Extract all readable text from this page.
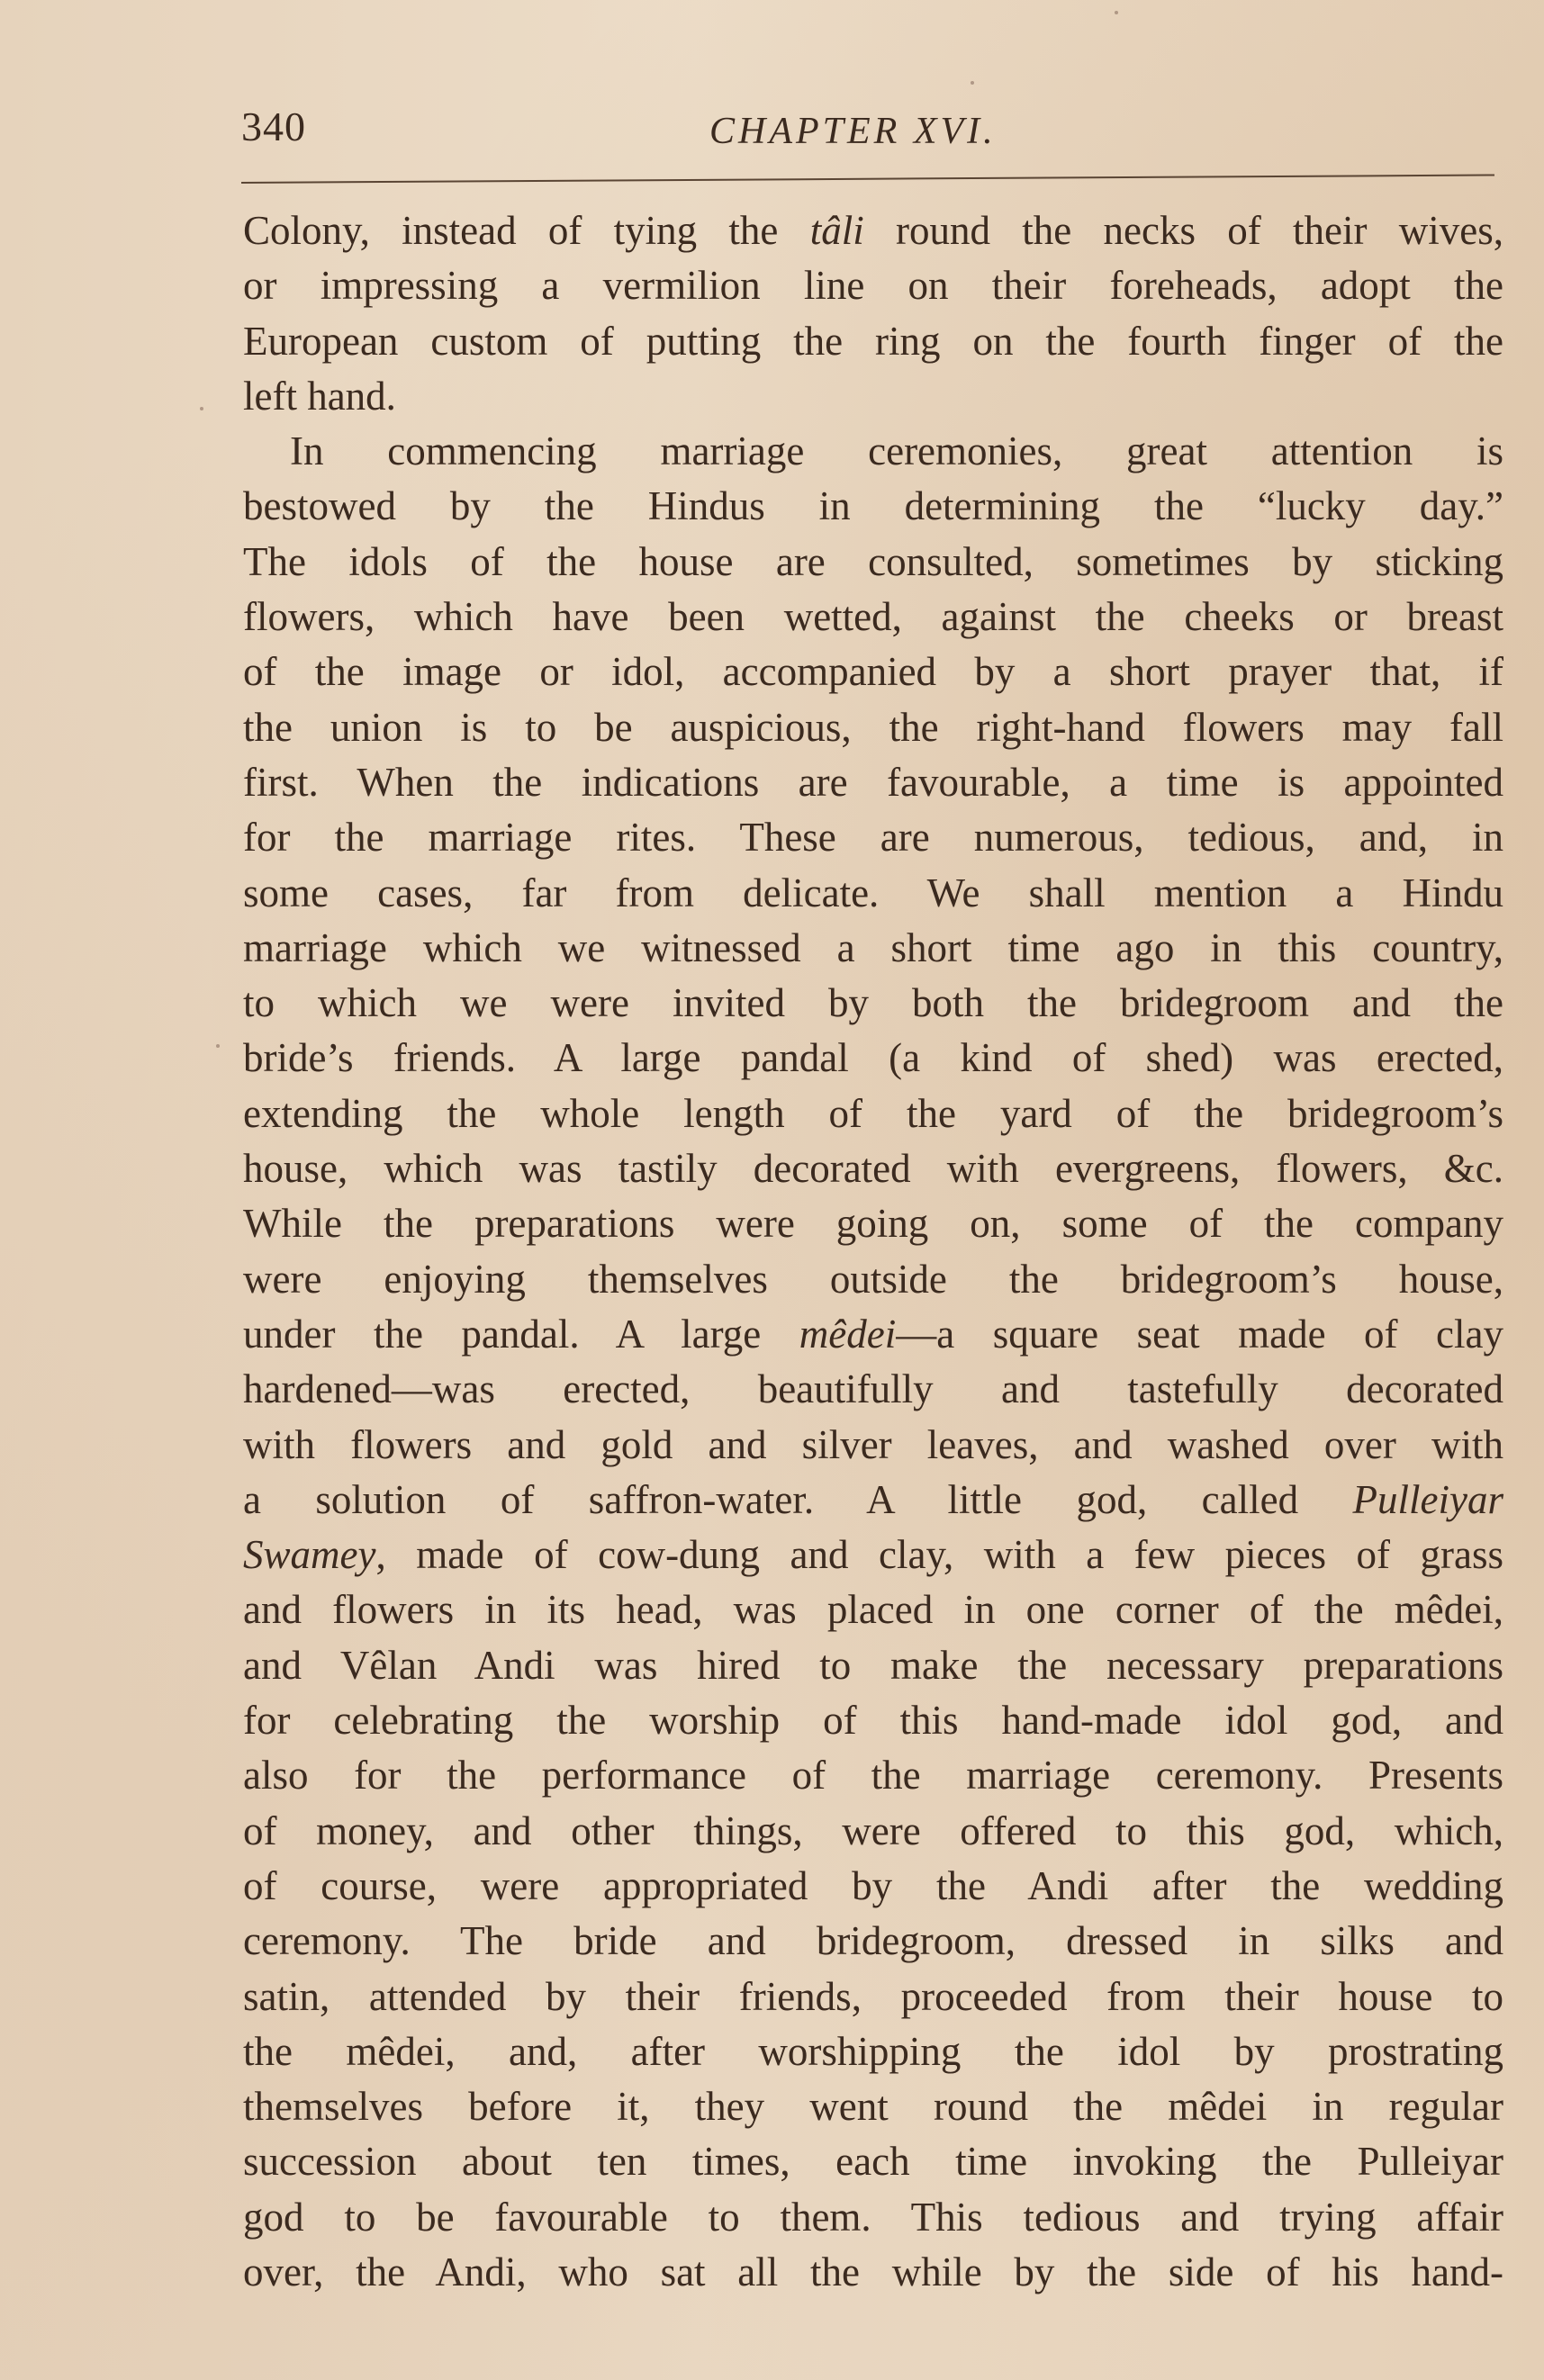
340	CHAPTER XVI.
Colony, instead of tying the tâli round the necks of their wives,
or impressing a vermilion line on their foreheads, adopt the
European custom of putting the ring on the fourth finger of the
left hand.
In commencing marriage ceremonies, great attention is
bestowed by the Hindus in determining the “lucky day.”
The idols of the house are consulted, sometimes by sticking
flowers, which have been wetted, against the cheeks or breast
of the image or idol, accompanied by a short prayer that, if
the union is to be auspicious, the right-hand flowers may fall
first. When the indications are favourable, a time is appointed
for the marriage rites. These are numerous, tedious, and, in
some cases, far from delicate. We shall mention a Hindu
marriage which we witnessed a short time ago in this country,
to which we were invited by both the bridegroom and the
bride’s friends. A large pandal (a kind of shed) was erected,
extending the whole length of the yard of the bridegroom’s
house, which was tastily decorated with evergreens, flowers, &c.
While the preparations were going on, some of the company
were enjoying themselves outside the bridegroom’s house,
under the pandal. A large mêdei—a square seat made of clay
hardened—was erected, beautifully and tastefully decorated
with flowers and gold and silver leaves, and washed over with
a solution of saffron-water. A little god, called Pulleiyar
Swamey, made of cow-dung and clay, with a few pieces of grass
and flowers in its head, was placed in one corner of the mêdei,
and Vêlan Andi was hired to make the necessary preparations
for celebrating the worship of this hand-made idol god, and
also for the performance of the marriage ceremony. Presents
of money, and other things, were offered to this god, which,
of course, were appropriated by the Andi after the wedding
ceremony. The bride and bridegroom, dressed in silks and
satin, attended by their friends, proceeded from their house to
the mêdei, and, after worshipping the idol by prostrating
themselves before it, they went round the mêdei in regular
succession about ten times, each time invoking the Pulleiyar
god to be favourable to them. This tedious and trying affair
over, the Andi, who sat all the while by the side of his hand-
